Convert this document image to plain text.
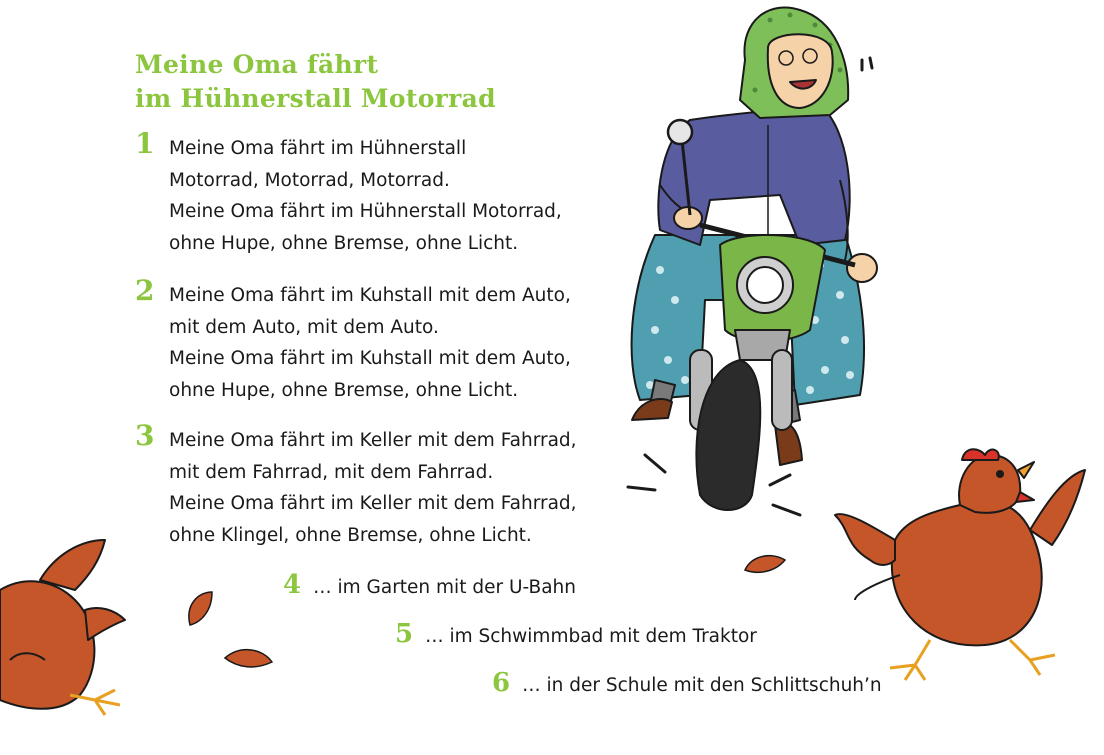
Meine Oma fährt
im Hühnerstall Motorrad
1 Meine Oma fährt im Hühnerstall
Motorrad, Motorrad, Motorrad.
Meine Oma fährt im Hühnerstall Motorrad,
ohne Hupe, ohne Bremse, ohne Licht.
2 Meine Oma fährt im Kuhstall mit dem Auto,
mit dem Auto, mit dem Auto.
Meine Oma fährt im Kuhstall mit dem Auto,
ohne Hupe, ohne Bremse, ohne Licht.
3 Meine Oma fährt im Keller mit dem Fahrrad,
mit dem Fahrrad, mit dem Fahrrad.
Meine Oma fährt im Keller mit dem Fahrrad,
ohne Klingel, ohne Bremse, ohne Licht.
4 … im Garten mit der U-Bahn
5 … im Schwimmbad mit dem Traktor
6 … in der Schule mit den Schlittschuh’n
